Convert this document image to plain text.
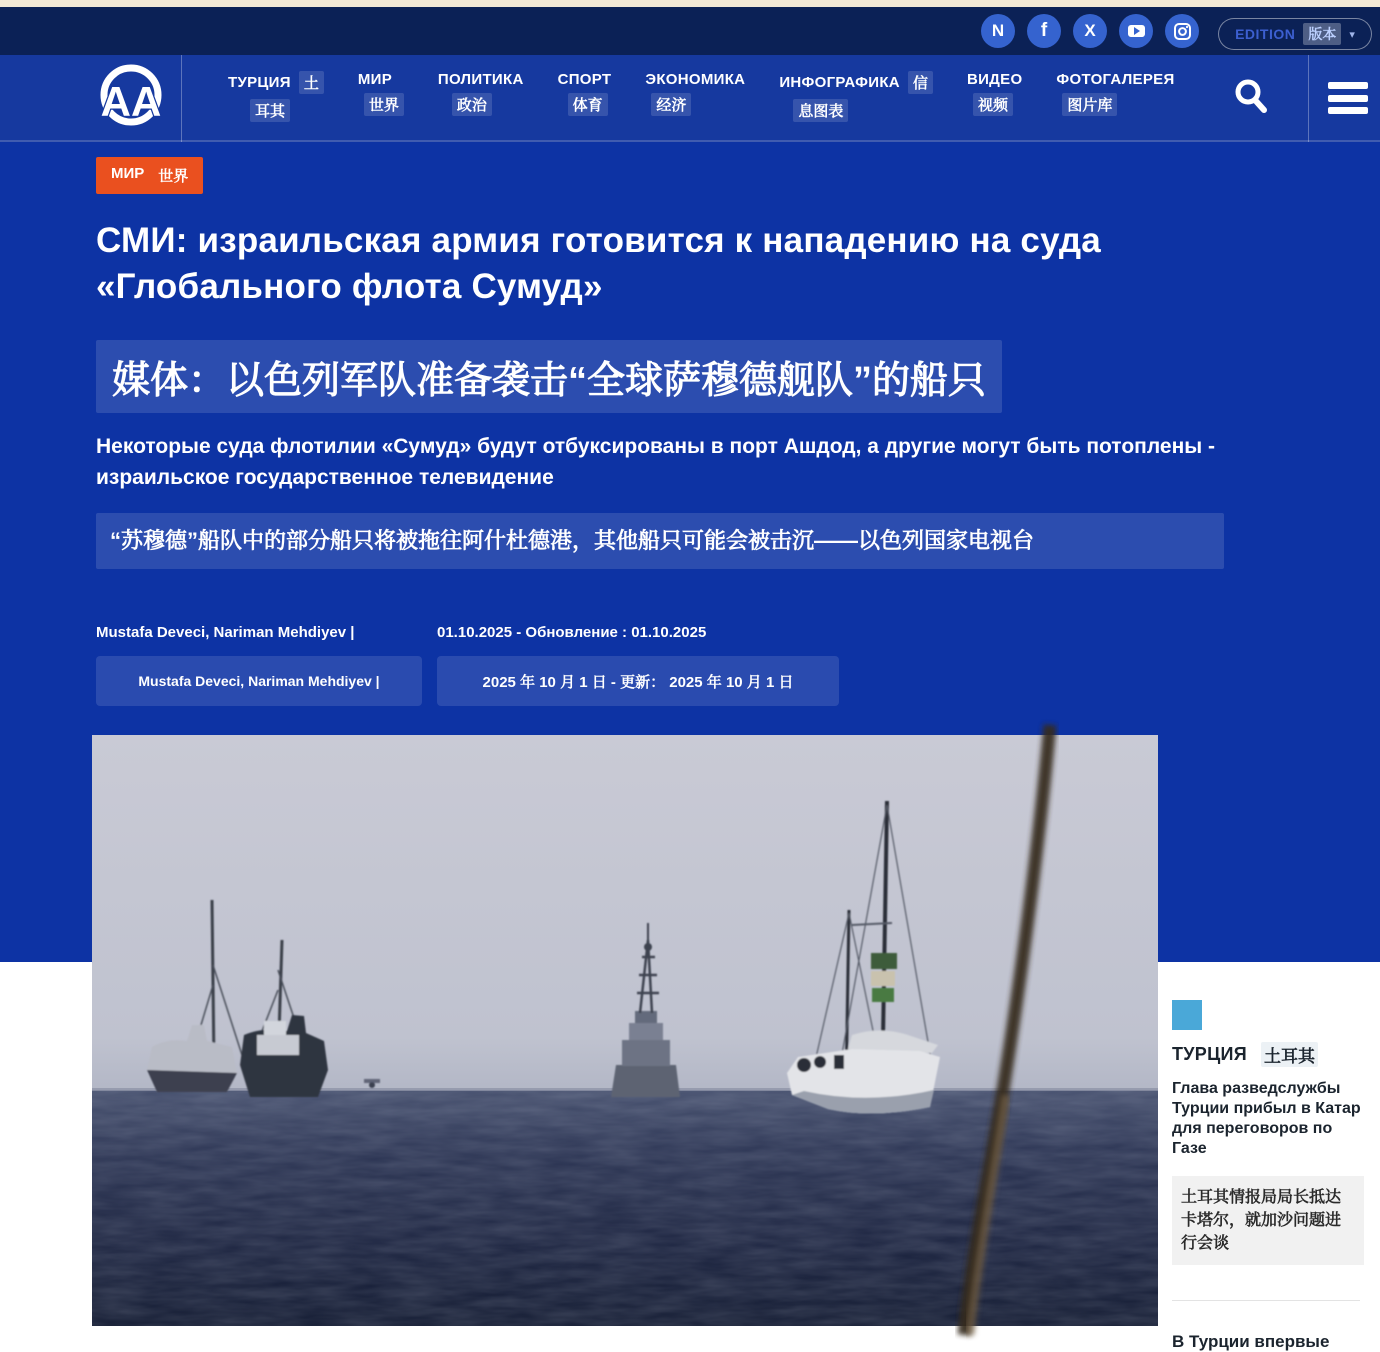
N f X	EDITION 版本	▾
AA	ТУРЦИЯ 土
耳其
МИР
世界
ПОЛИТИКА
政治
СПОРТ
体育
ЭКОНОМИКА
经济
ИНФОГРАФИКА 信
息图表
ВИДЕО
视频
ФОТОГАЛЕРЕЯ
图片库
МИР 世界
СМИ: израильская армия готовится к нападению на суда «Глобального флота Сумуд»
媒体：以色列军队准备袭击“全球萨穆德舰队”的船只
Некоторые суда флотилии «Сумуд» будут отбуксированы в порт Ашдод, а другие могут быть потоплены - израильское государственное телевидение
“苏穆德”船队中的部分船只将被拖往阿什杜德港，其他船只可能会被击沉——以色列国家电视台
Mustafa Deveci, Nariman Mehdiyev |	01.10.2025 - Обновление : 01.10.2025
Mustafa Deveci, Nariman Mehdiyev |	2025 年 10 月 1 日 - 更新： 2025 年 10 月 1 日
ТУРЦИЯ 土耳其
Глава разведслужбы Турции прибыл в Катар для переговоров по Газе
土耳其情报局局长抵达卡塔尔，就加沙问题进行会谈
В Турции впервые
